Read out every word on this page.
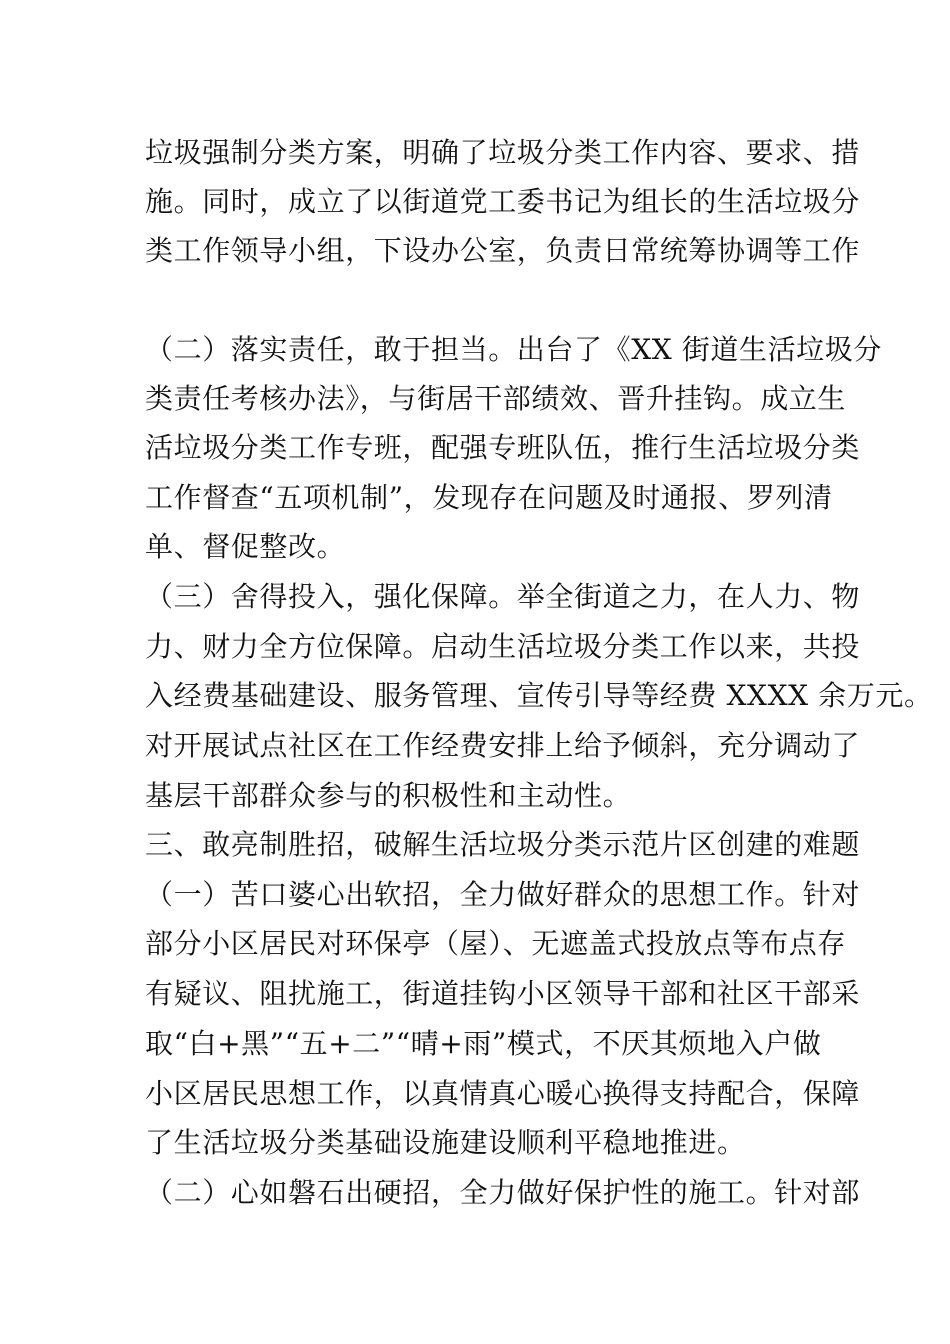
垃圾强制分类方案，明确了垃圾分类工作内容、要求、措

施。同时，成立了以街道党工委书记为组长的生活垃圾分

类工作领导小组，下设办公室，负责日常统筹协调等工作

（二）落实责任，敢于担当。出台了《XX 街道生活垃圾分

类责任考核办法》，与街居干部绩效、晋升挂钩。成立生

活垃圾分类工作专班，配强专班队伍，推行生活垃圾分类

工作督查“五项机制”，发现存在问题及时通报、罗列清

单、督促整改。

（三）舍得投入，强化保障。举全街道之力，在人力、物

力、财力全方位保障。启动生活垃圾分类工作以来，共投

入经费基础建设、服务管理、宣传引导等经费 XXXX 余万元。

对开展试点社区在工作经费安排上给予倾斜，充分调动了

基层干部群众参与的积极性和主动性。

三、敢亮制胜招，破解生活垃圾分类示范片区创建的难题

（一）苦口婆心出软招，全力做好群众的思想工作。针对

部分小区居民对环保亭（屋）、无遮盖式投放点等布点存

有疑议、阻扰施工，街道挂钩小区领导干部和社区干部采

取“白+黑”“五+二”“晴+雨”模式，不厌其烦地入户做

小区居民思想工作，以真情真心暖心换得支持配合，保障

了生活垃圾分类基础设施建设顺利平稳地推进。

（二）心如磐石出硬招，全力做好保护性的施工。针对部
